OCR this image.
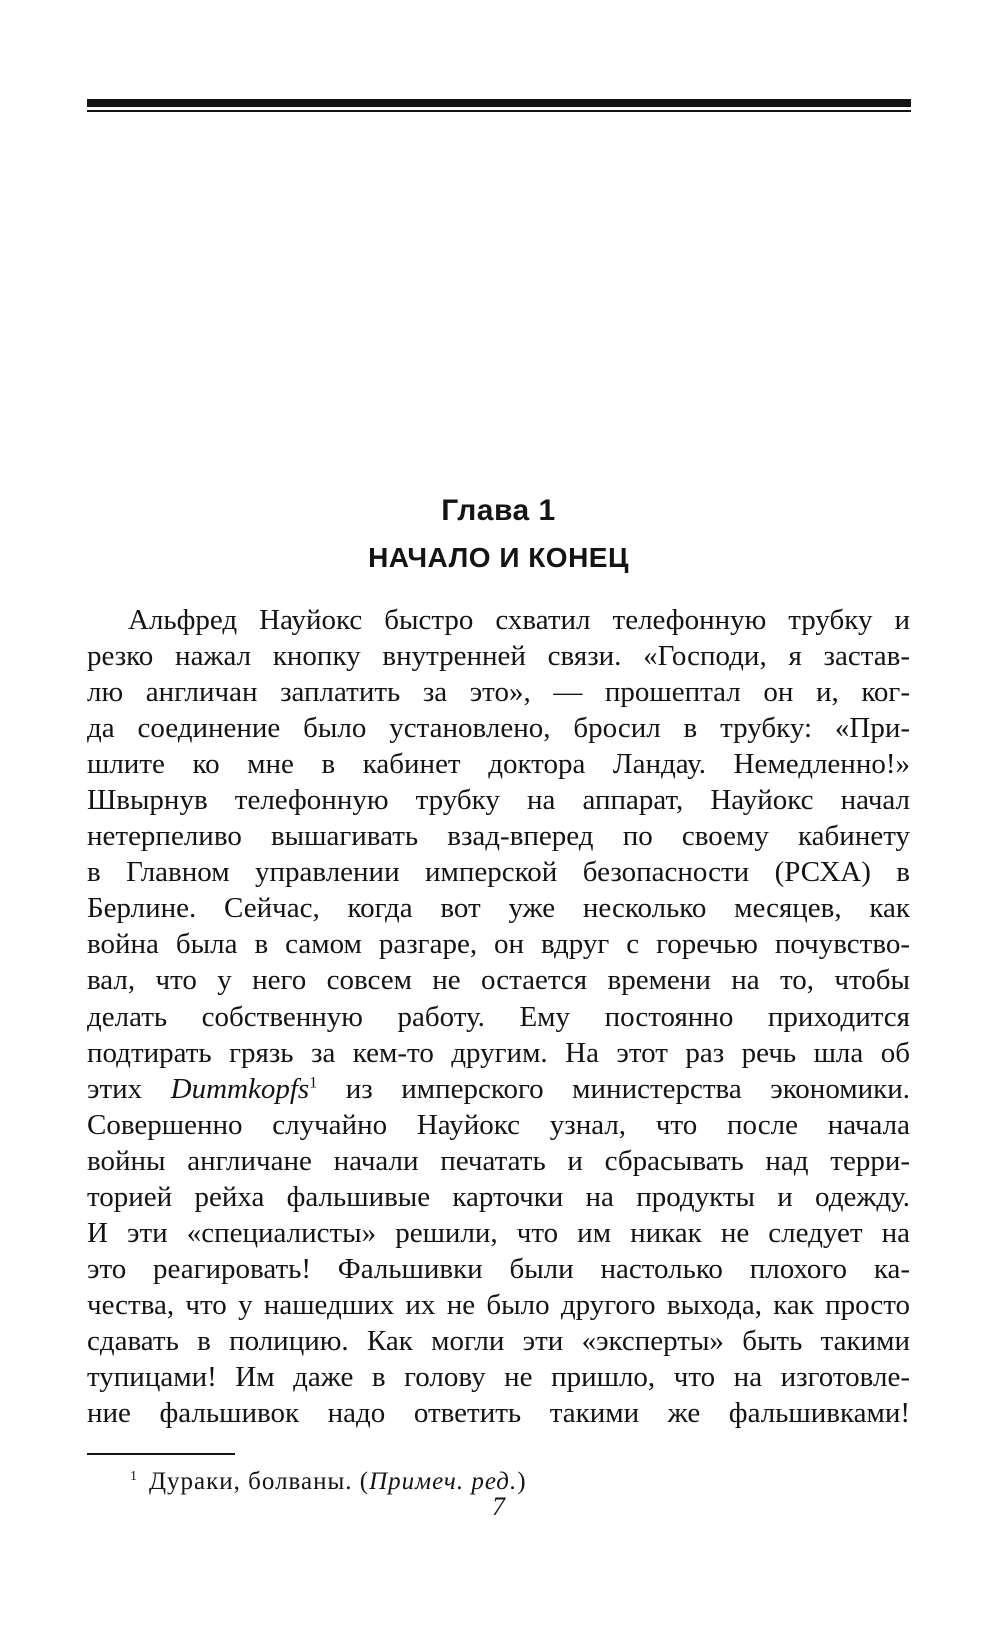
Глава 1
НАЧАЛО И КОНЕЦ
Альфред Науйокс быстро схватил телефонную трубку и
резко нажал кнопку внутренней связи. «Господи, я застав-
лю англичан заплатить за это», — прошептал он и, ког-
да соединение было установлено, бросил в трубку: «При-
шлите ко мне в кабинет доктора Ландау. Немедленно!»
Швырнув телефонную трубку на аппарат, Науйокс начал
нетерпеливо вышагивать взад-вперед по своему кабинету
в Главном управлении имперской безопасности (РСХА) в
Берлине. Сейчас, когда вот уже несколько месяцев, как
война была в самом разгаре, он вдруг с горечью почувство-
вал, что у него совсем не остается времени на то, чтобы
делать собственную работу. Ему постоянно приходится
подтирать грязь за кем-то другим. На этот раз речь шла об
этих Dummkopfs$^1$ из имперского министерства экономики.
Совершенно случайно Науйокс узнал, что после начала
войны англичане начали печатать и сбрасывать над терри-
торией рейха фальшивые карточки на продукты и одежду.
И эти «специалисты» решили, что им никак не следует на
это реагировать! Фальшивки были настолько плохого ка-
чества, что у нашедших их не было другого выхода, как просто
сдавать в полицию. Как могли эти «эксперты» быть такими
тупицами! Им даже в голову не пришло, что на изготовле-
ние фальшивок надо ответить такими же фальшивками!
1 Дураки, болваны. (Примеч. ред.)
7
